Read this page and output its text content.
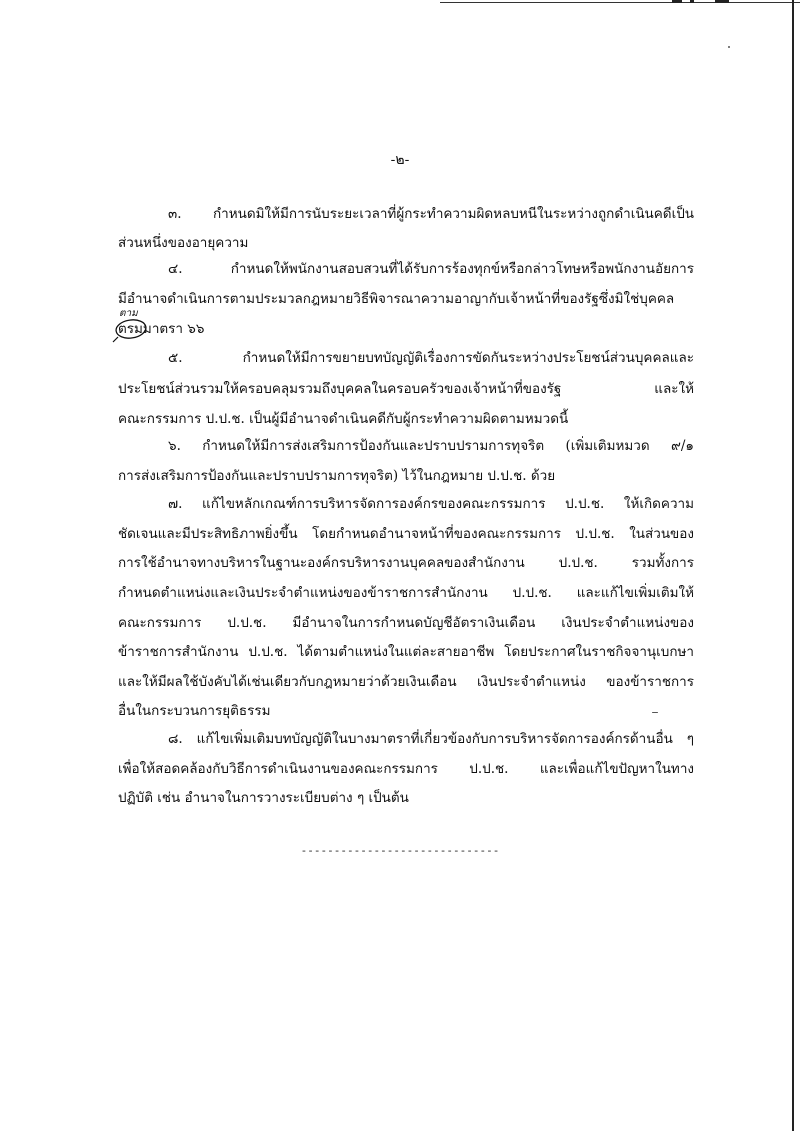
-๒-
๓. กำหนดมิให้มีการนับระยะเวลาที่ผู้กระทำความผิดหลบหนีในระหว่างถูกดำเนินคดีเป็น
ส่วนหนึ่งของอายุความ
๔. กำหนดให้พนักงานสอบสวนที่ได้รับการร้องทุกข์หรือกล่าวโทษหรือพนักงานอัยการ
มีอำนาจดำเนินการตามประมวลกฎหมายวิธีพิจารณาความอาญากับเจ้าหน้าที่ของรัฐซึ่งมิใช่บุคคล
ตรมมาตรา ๖๖
ตาม
๕. กำหนดให้มีการขยายบทบัญญัติเรื่องการขัดกันระหว่างประโยชน์ส่วนบุคคลและ
ประโยชน์ส่วนรวมให้ครอบคลุมรวมถึงบุคคลในครอบครัวของเจ้าหน้าที่ของรัฐ และให้
คณะกรรมการ ป.ป.ช. เป็นผู้มีอำนาจดำเนินคดีกับผู้กระทำความผิดตามหมวดนี้
๖. กำหนดให้มีการส่งเสริมการป้องกันและปราบปรามการทุจริต (เพิ่มเติมหมวด ๙/๑
การส่งเสริมการป้องกันและปราบปรามการทุจริต) ไว้ในกฎหมาย ป.ป.ช. ด้วย
๗. แก้ไขหลักเกณฑ์การบริหารจัดการองค์กรของคณะกรรมการ ป.ป.ช. ให้เกิดความ
ชัดเจนและมีประสิทธิภาพยิ่งขึ้น โดยกำหนดอำนาจหน้าที่ของคณะกรรมการ ป.ป.ช. ในส่วนของ
การใช้อำนาจทางบริหารในฐานะองค์กรบริหารงานบุคคลของสำนักงาน ป.ป.ช. รวมทั้งการ
กำหนดตำแหน่งและเงินประจำตำแหน่งของข้าราชการสำนักงาน ป.ป.ช. และแก้ไขเพิ่มเติมให้
คณะกรรมการ ป.ป.ช. มีอำนาจในการกำหนดบัญชีอัตราเงินเดือน เงินประจำตำแหน่งของ
ข้าราชการสำนักงาน ป.ป.ช. ได้ตามตำแหน่งในแต่ละสายอาชีพ โดยประกาศในราชกิจจานุเบกษา
และให้มีผลใช้บังคับได้เช่นเดียวกับกฎหมายว่าด้วยเงินเดือน เงินประจำตำแหน่ง ของข้าราชการ
อื่นในกระบวนการยุติธรรม
๘. แก้ไขเพิ่มเติมบทบัญญัติในบางมาตราที่เกี่ยวข้องกับการบริหารจัดการองค์กรด้านอื่น ๆ
เพื่อให้สอดคล้องกับวิธีการดำเนินงานของคณะกรรมการ ป.ป.ช. และเพื่อแก้ไขปัญหาในทาง
ปฏิบัติ เช่น อำนาจในการวางระเบียบต่าง ๆ เป็นต้น
------------------------------
